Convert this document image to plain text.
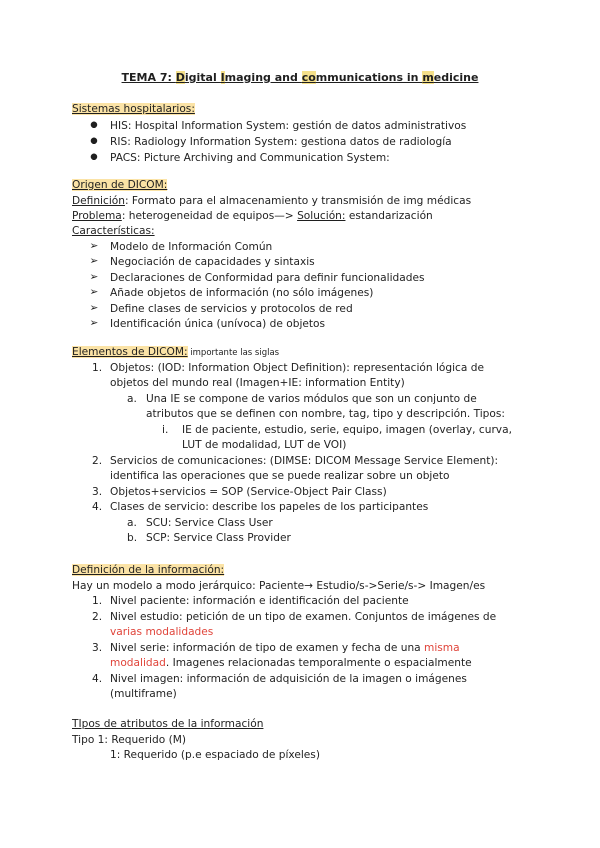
TEMA 7: Digital Imaging and communications in medicine
Sistemas hospitalarios:
● HIS: Hospital Information System: gestión de datos administrativos
● RIS: Radiology Information System: gestiona datos de radiología
● PACS: Picture Archiving and Communication System:
Origen de DICOM:
Definición: Formato para el almacenamiento y transmisión de img médicas
Problema: heterogeneidad de equipos—> Solución: estandarización
Características:
➢ Modelo de Información Común
➢ Negociación de capacidades y sintaxis
➢ Declaraciones de Conformidad para definir funcionalidades
➢ Añade objetos de información (no sólo imágenes)
➢ Define clases de servicios y protocolos de red
➢ Identificación única (unívoca) de objetos
Elementos de DICOM: importante las siglas
1. Objetos: (IOD: Information Object Definition): representación lógica de
objetos del mundo real (Imagen+IE: information Entity)
a. Una IE se compone de varios módulos que son un conjunto de
atributos que se definen con nombre, tag, tipo y descripción. Tipos:
i. IE de paciente, estudio, serie, equipo, imagen (overlay, curva,
LUT de modalidad, LUT de VOI)
2. Servicios de comunicaciones: (DIMSE: DICOM Message Service Element):
identifica las operaciones que se puede realizar sobre un objeto
3. Objetos+servicios = SOP (Service-Object Pair Class)
4. Clases de servicio: describe los papeles de los participantes
a. SCU: Service Class User
b. SCP: Service Class Provider
Definición de la información:
Hay un modelo a modo jerárquico: Paciente→ Estudio/s->Serie/s-> Imagen/es
1. Nivel paciente: información e identificación del paciente
2. Nivel estudio: petición de un tipo de examen. Conjuntos de imágenes de
varias modalidades
3. Nivel serie: información de tipo de examen y fecha de una misma
modalidad. Imagenes relacionadas temporalmente o espacialmente
4. Nivel imagen: información de adquisición de la imagen o imágenes
(multiframe)
TIpos de atributos de la información
Tipo 1: Requerido (M)
1: Requerido (p.e espaciado de píxeles)
